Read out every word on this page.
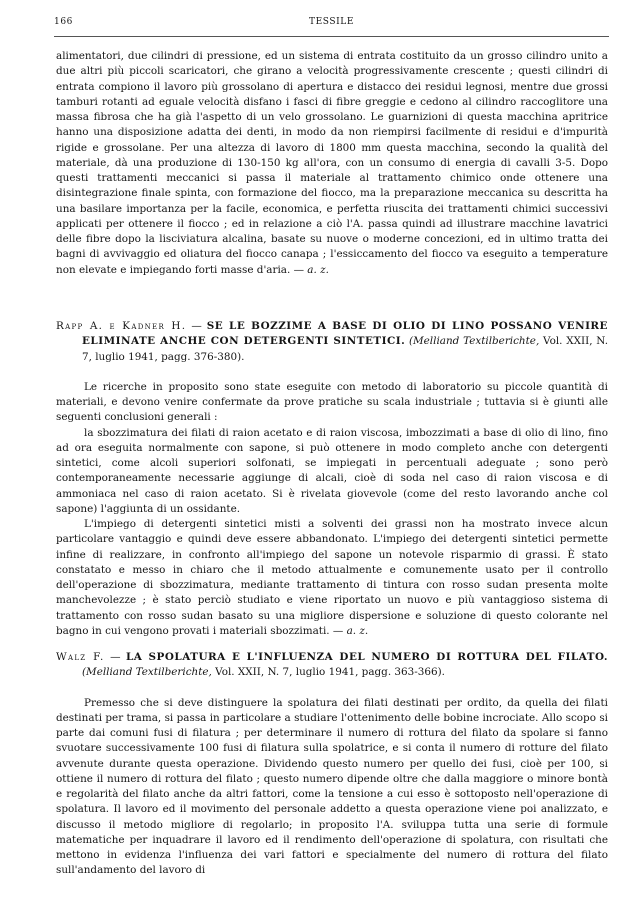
166	TESSILE

alimentatori, due cilindri di pressione, ed un sistema di entrata costituito da un grosso cilindro unito a due altri più piccoli scaricatori, che girano a velocità progressivamente crescente ; questi cilindri di entrata compiono il lavoro più grossolano di apertura e distacco dei residui legnosi, mentre due grossi tamburi rotanti ad eguale velocità disfano i fasci di fibre greggie e cedono al cilindro raccoglitore una massa fibrosa che ha già l'aspetto di un velo grossolano. Le guarnizioni di questa macchina apritrice hanno una disposizione adatta dei denti, in modo da non riempirsi facilmente di residui e d'impurità rigide e grossolane. Per una altezza di lavoro di 1800 mm questa macchina, secondo la qualità del materiale, dà una produzione di 130-150 kg all'ora, con un consumo di energia di cavalli 3-5. Dopo questi trattamenti meccanici si passa il materiale al trattamento chimico onde ottenere una disintegrazione finale spinta, con formazione del fiocco, ma la preparazione meccanica su descritta ha una basilare importanza per la facile, economica, e perfetta riuscita dei trattamenti chimici successivi applicati per ottenere il fiocco ; ed in relazione a ciò l'A. passa quindi ad illustrare macchine lavatrici delle fibre dopo la lisciviatura alcalina, basate su nuove o moderne concezioni, ed in ultimo tratta dei bagni di avvivaggio ed oliatura del fiocco canapa ; l'essiccamento del fiocco va eseguito a temperature non elevate e impiegando forti masse d'aria. — a. z.

Rapp A. e Kadner H. — SE LE BOZZIME A BASE DI OLIO DI LINO POSSANO VENIRE ELIMINATE ANCHE CON DETERGENTI SINTETICI. (Melliand Textilberichte, Vol. XXII, N. 7, luglio 1941, pagg. 376-380).

Le ricerche in proposito sono state eseguite con metodo di laboratorio su piccole quantità di materiali, e devono venire confermate da prove pratiche su scala industriale ; tuttavia si è giunti alle seguenti conclusioni generali :

la sbozzimatura dei filati di raion acetato e di raion viscosa, imbozzimati a base di olio di lino, fino ad ora eseguita normalmente con sapone, si può ottenere in modo completo anche con detergenti sintetici, come alcoli superiori solfonati, se impiegati in percentuali adeguate ; sono però contemporaneamente necessarie aggiunge di alcali, cioè di soda nel caso di raion viscosa e di ammoniaca nel caso di raion acetato. Si è rivelata giovevole (come del resto lavorando anche col sapone) l'aggiunta di un ossidante.

L'impiego di detergenti sintetici misti a solventi dei grassi non ha mostrato invece alcun particolare vantaggio e quindi deve essere abbandonato. L'impiego dei detergenti sintetici permette infine di realizzare, in confronto all'impiego del sapone un notevole risparmio di grassi. È stato constatato e messo in chiaro che il metodo attualmente e comunemente usato per il controllo dell'operazione di sbozzimatura, mediante trattamento di tintura con rosso sudan presenta molte manchevolezze ; è stato perciò studiato e viene riportato un nuovo e più vantaggioso sistema di trattamento con rosso sudan basato su una migliore dispersione e soluzione di questo colorante nel bagno in cui vengono provati i materiali sbozzimati. — a. z.

Walz F. — LA SPOLATURA E L'INFLUENZA DEL NUMERO DI ROTTURA DEL FILATO. (Melliand Textilberichte, Vol. XXII, N. 7, luglio 1941, pagg. 363-366).

Premesso che si deve distinguere la spolatura dei filati destinati per ordito, da quella dei filati destinati per trama, si passa in particolare a studiare l'ottenimento delle bobine incrociate. Allo scopo si parte dai comuni fusi di filatura ; per determinare il numero di rottura del filato da spolare si fanno svuotare successivamente 100 fusi di filatura sulla spolatrice, e si conta il numero di rotture del filato avvenute durante questa operazione. Dividendo questo numero per quello dei fusi, cioè per 100, si ottiene il numero di rottura del filato ; questo numero dipende oltre che dalla maggiore o minore bontà e regolarità del filato anche da altri fattori, come la tensione a cui esso è sottoposto nell'operazione di spolatura. Il lavoro ed il movimento del personale addetto a questa operazione viene poi analizzato, e discusso il metodo migliore di regolarlo; in proposito l'A. sviluppa tutta una serie di formule matematiche per inquadrare il lavoro ed il rendimento dell'operazione di spolatura, con risultati che mettono in evidenza l'influenza dei vari fattori e specialmente del numero di rottura del filato sull'andamento del lavoro di
